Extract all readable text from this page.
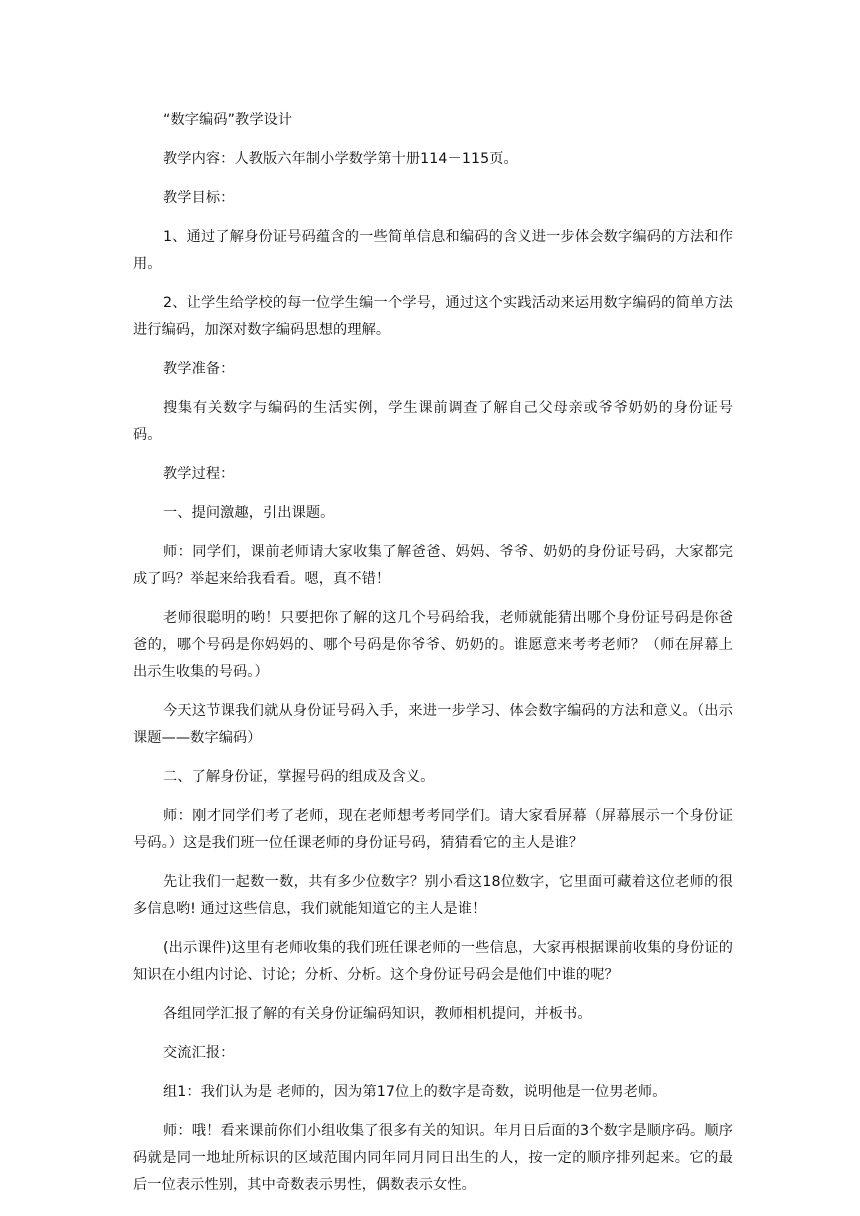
“数字编码”教学设计

教学内容：人教版六年制小学数学第十册114－115页。

教学目标：

1、通过了解身份证号码蕴含的一些简单信息和编码的含义进一步体会数字编码的方法和作用。

2、让学生给学校的每一位学生编一个学号，通过这个实践活动来运用数字编码的简单方法进行编码，加深对数字编码思想的理解。

教学准备：

搜集有关数字与编码的生活实例，学生课前调查了解自己父母亲或爷爷奶奶的身份证号码。

教学过程：

一、提问激趣，引出课题。

师：同学们，课前老师请大家收集了解爸爸、妈妈、爷爷、奶奶的身份证号码，大家都完成了吗？举起来给我看看。嗯，真不错！

老师很聪明的哟！只要把你了解的这几个号码给我，老师就能猜出哪个身份证号码是你爸爸的，哪个号码是你妈妈的、哪个号码是你爷爷、奶奶的。谁愿意来考考老师？（师在屏幕上出示生收集的号码。）

今天这节课我们就从身份证号码入手，来进一步学习、体会数字编码的方法和意义。（出示课题——数字编码）

二、了解身份证，掌握号码的组成及含义。

师：刚才同学们考了老师，现在老师想考考同学们。请大家看屏幕（屏幕展示一个身份证号码。）这是我们班一位任课老师的身份证号码，猜猜看它的主人是谁？

先让我们一起数一数，共有多少位数字？别小看这18位数字，它里面可藏着这位老师的很多信息哟! 通过这些信息，我们就能知道它的主人是谁！

(出示课件)这里有老师收集的我们班任课老师的一些信息，大家再根据课前收集的身份证的知识在小组内讨论、讨论；分析、分析。这个身份证号码会是他们中谁的呢？

各组同学汇报了解的有关身份证编码知识，教师相机提问，并板书。

交流汇报：

组1：我们认为是 老师的，因为第17位上的数字是奇数，说明他是一位男老师。

师：哦！看来课前你们小组收集了很多有关的知识。年月日后面的3个数字是顺序码。顺序码就是同一地址所标识的区域范围内同年同月同日出生的人，按一定的顺序排列起来。它的最后一位表示性别，其中奇数表示男性，偶数表示女性。
